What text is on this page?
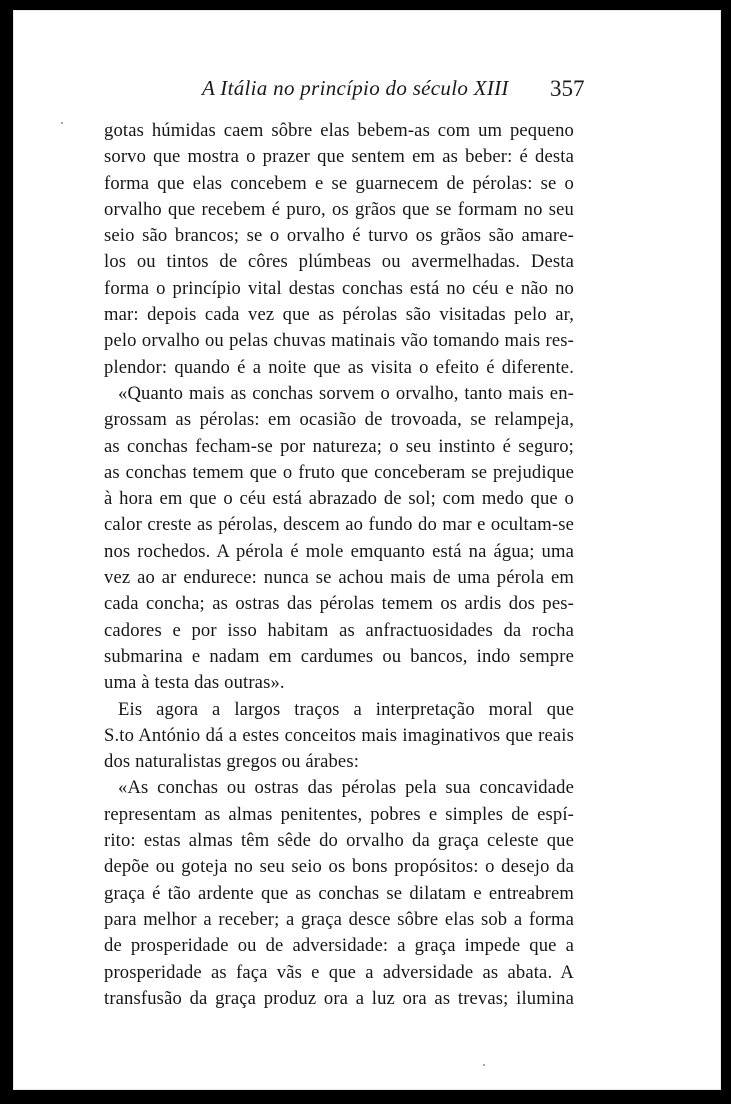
A Itália no princípio do século XIII 357
gotas húmidas caem sôbre elas bebem-as com um pequeno
sorvo que mostra o prazer que sentem em as beber: é desta
forma que elas concebem e se guarnecem de pérolas: se o
orvalho que recebem é puro, os grãos que se formam no seu
seio são brancos; se o orvalho é turvo os grãos são amare-
los ou tintos de côres plúmbeas ou avermelhadas. Desta
forma o princípio vital destas conchas está no céu e não no
mar: depois cada vez que as pérolas são visitadas pelo ar,
pelo orvalho ou pelas chuvas matinais vão tomando mais res-
plendor: quando é a noite que as visita o efeito é diferente.
«Quanto mais as conchas sorvem o orvalho, tanto mais en-
grossam as pérolas: em ocasião de trovoada, se relampeja,
as conchas fecham-se por natureza; o seu instinto é seguro;
as conchas temem que o fruto que conceberam se prejudique
à hora em que o céu está abrazado de sol; com medo que o
calor creste as pérolas, descem ao fundo do mar e ocultam-se
nos rochedos. A pérola é mole emquanto está na água; uma
vez ao ar endurece: nunca se achou mais de uma pérola em
cada concha; as ostras das pérolas temem os ardis dos pes-
cadores e por isso habitam as anfractuosidades da rocha
submarina e nadam em cardumes ou bancos, indo sempre
uma à testa das outras».
Eis agora a largos traços a interpretação moral que
S.to António dá a estes conceitos mais imaginativos que reais
dos naturalistas gregos ou árabes:
«As conchas ou ostras das pérolas pela sua concavidade
representam as almas penitentes, pobres e simples de espí-
rito: estas almas têm sêde do orvalho da graça celeste que
depõe ou goteja no seu seio os bons propósitos: o desejo da
graça é tão ardente que as conchas se dilatam e entreabrem
para melhor a receber; a graça desce sôbre elas sob a forma
de prosperidade ou de adversidade: a graça impede que a
prosperidade as faça vãs e que a adversidade as abata. A
transfusão da graça produz ora a luz ora as trevas; ilumina
